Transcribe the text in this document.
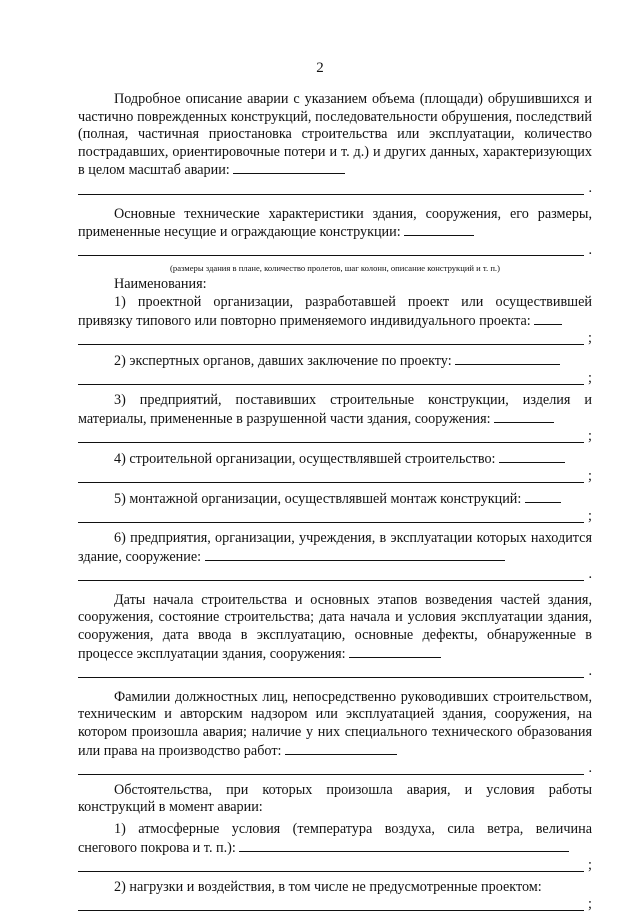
2

Подробное описание аварии с указанием объема (площади) обрушившихся и частично поврежденных конструкций, последовательности обрушения, последствий (полная, частичная приостановка строительства или эксплуатации, количество пострадавших, ориентировочные потери и т. д.) и других данных, характеризующих в целом масштаб аварии:

.

Основные технические характеристики здания, сооружения, его размеры, примененные несущие и ограждающие конструкции:

.
(размеры здания в плане, количество пролетов, шаг колонн, описание конструкций и т. п.)

Наименования:

1) проектной организации, разработавшей проект или осуществившей привязку типового или повторно применяемого индивидуального проекта:

;

2) экспертных органов, давших заключение по проекту:

;

3) предприятий, поставивших строительные конструкции, изделия и материалы, примененные в разрушенной части здания, сооружения:

;

4) строительной организации, осуществлявшей строительство:

;

5) монтажной организации, осуществлявшей монтаж конструкций:

;

6) предприятия, организации, учреждения, в эксплуатации которых находится здание, сооружение:

.

Даты начала строительства и основных этапов возведения частей здания, сооружения, состояние строительства; дата начала и условия эксплуатации здания, сооружения, дата ввода в эксплуатацию, основные дефекты, обнаруженные в процессе эксплуатации здания, сооружения:

.

Фамилии должностных лиц, непосредственно руководивших строительством, техническим и авторским надзором или эксплуатацией здания, сооружения, на котором произошла авария; наличие у них специального технического образования или права на производство работ:

.

Обстоятельства, при которых произошла авария, и условия работы конструкций в момент аварии:

1) атмосферные условия (температура воздуха, сила ветра, величина снегового покрова и т. п.):

;

2) нагрузки и воздействия, в том числе не предусмотренные проектом:

;
